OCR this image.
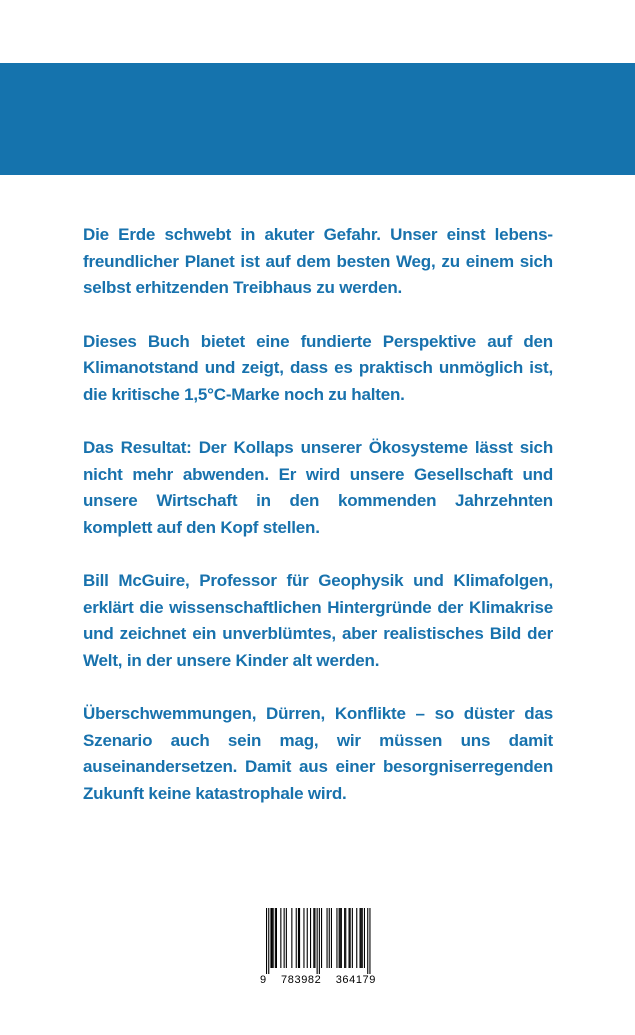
Die Erde schwebt in akuter Gefahr. Unser einst lebensfreundlicher Planet ist auf dem besten Weg, zu einem sich selbst erhitzenden Treibhaus zu werden.

Dieses Buch bietet eine fundierte Perspektive auf den Klimanotstand und zeigt, dass es praktisch unmöglich ist, die kritische 1,5°C-Marke noch zu halten.

Das Resultat: Der Kollaps unserer Ökosysteme lässt sich nicht mehr abwenden. Er wird unsere Gesellschaft und unsere Wirtschaft in den kommenden Jahrzehnten komplett auf den Kopf stellen.

Bill McGuire, Professor für Geophysik und Klimafolgen, erklärt die wissenschaftlichen Hintergründe der Klimakrise und zeichnet ein unverblümtes, aber realistisches Bild der Welt, in der unsere Kinder alt werden.

Überschwemmungen, Dürren, Konflikte – so düster das Szenario auch sein mag, wir müssen uns damit auseinandersetzen. Damit aus einer besorgniserregenden Zukunft keine katastrophale wird.

9 783982 364179
